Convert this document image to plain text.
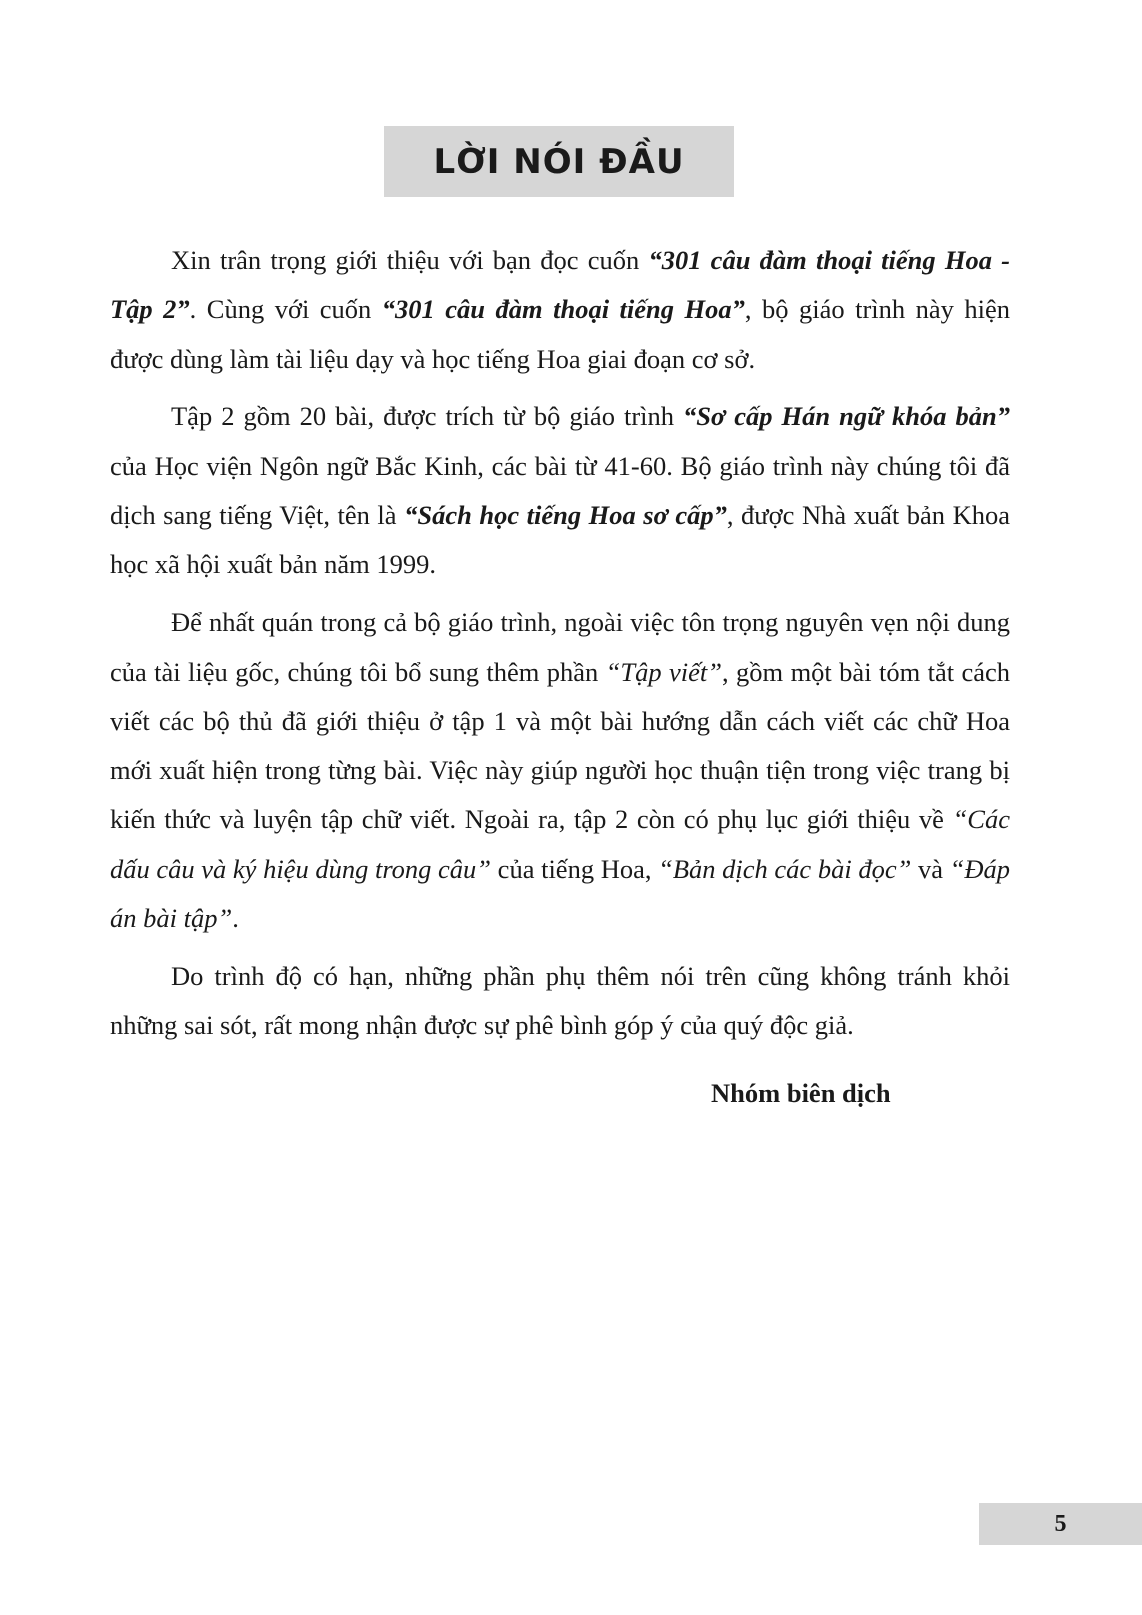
LỜI NÓI ĐẦU

Xin trân trọng giới thiệu với bạn đọc cuốn “301 câu đàm thoại tiếng Hoa - Tập 2”. Cùng với cuốn “301 câu đàm thoại tiếng Hoa”, bộ giáo trình này hiện được dùng làm tài liệu dạy và học tiếng Hoa giai đoạn cơ sở.

Tập 2 gồm 20 bài, được trích từ bộ giáo trình “Sơ cấp Hán ngữ khóa bản” của Học viện Ngôn ngữ Bắc Kinh, các bài từ 41-60. Bộ giáo trình này chúng tôi đã dịch sang tiếng Việt, tên là “Sách học tiếng Hoa sơ cấp”, được Nhà xuất bản Khoa học xã hội xuất bản năm 1999.

Để nhất quán trong cả bộ giáo trình, ngoài việc tôn trọng nguyên vẹn nội dung của tài liệu gốc, chúng tôi bổ sung thêm phần “Tập viết”, gồm một bài tóm tắt cách viết các bộ thủ đã giới thiệu ở tập 1 và một bài hướng dẫn cách viết các chữ Hoa mới xuất hiện trong từng bài. Việc này giúp người học thuận tiện trong việc trang bị kiến thức và luyện tập chữ viết. Ngoài ra, tập 2 còn có phụ lục giới thiệu về “Các dấu câu và ký hiệu dùng trong câu” của tiếng Hoa, “Bản dịch các bài đọc” và “Đáp án bài tập”.

Do trình độ có hạn, những phần phụ thêm nói trên cũng không tránh khỏi những sai sót, rất mong nhận được sự phê bình góp ý của quý độc giả.

Nhóm biên dịch
5
